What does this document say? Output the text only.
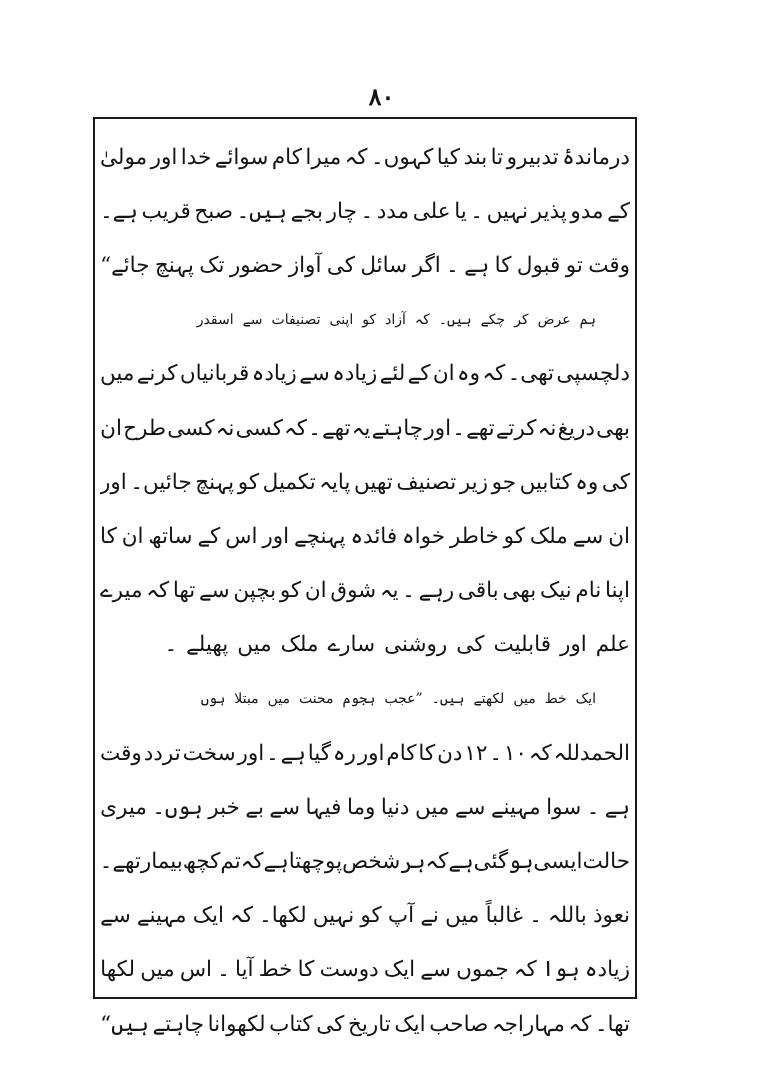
۸۰
درماندۂ
تدبیرو
تا
بند
کیا
کہوں۔
کہ
میرا
کام
سوائے
خدا
اور
مولیٰ
کے
مدو
پذیر
نہیں
۔
یا
علی
مدد
۔
چار
بجے
ہیں۔
صبح
قریب
ہے۔
وقت
تو
قبول
کا
ہے
۔
اگر
سائل
کی
آواز
حضور
تک
پہنچ
جائے“
ہم
عرض
کر
چکے
ہیں۔
کہ
آزاد
کو
اپنی
تصنیفات
سے
اسقدر
دلچسپی
تھی۔
کہ
وہ
ان
کے
لئے
زیادہ
سے
زیادہ
قربانیاں
کرنے
میں
بھی
دریغ
نہ
کرتے
تھے
۔
اور
چاہتے
یہ
تھے
۔
کہ
کسی
نہ
کسی
طرح
ان
کی
وہ
کتابیں
جو
زیر
تصنیف
تھیں
پایہ
تکمیل
کو
پہنچ
جائیں۔
اور
ان
سے
ملک
کو
خاطر
خواہ
فائدہ
پہنچے
اور
اس
کے
ساتھ
ان
کا
اپنا
نام
نیک
بھی
باقی
رہے
۔
یہ
شوق
ان
کو
بچپن
سے
تھا
کہ
میرے
علم
اور
قابلیت
کی
روشنی
سارے
ملک
میں
پھیلے
۔
ایک
خط
میں
لکھتے
ہیں۔
”عجب
ہجوم
محنت
میں
مبتلا
ہوں
الحمدللہ
کہ
۱۰
۔
۱۲
دن
کا
کام
اور
رہ
گیا
ہے
۔
اور
سخت
تردد
وقت
ہے
۔
سوا
مہینے
سے
میں
دنیا
وما
فیہا
سے
بے
خبر
ہوں۔
میری
حالت
ایسی
ہو
گئی
ہے
کہ
ہر
شخص
پوچھتا
ہے
کہ
تم
کچھ
بیمار
تھے
۔
نعوذ
باللہ
۔
غالباً
میں
نے
آپ
کو
نہیں
لکھا۔
کہ
ایک
مہینے
سے
زیادہ
ہوا
کہ
جموں
سے
ایک
دوست
کا
خط
آیا
۔
اس
میں
لکھا
تھا۔
کہ
مہاراجہ
صاحب
ایک
تاریخ
کی
کتاب
لکھوانا
چاہتے
ہیں“
